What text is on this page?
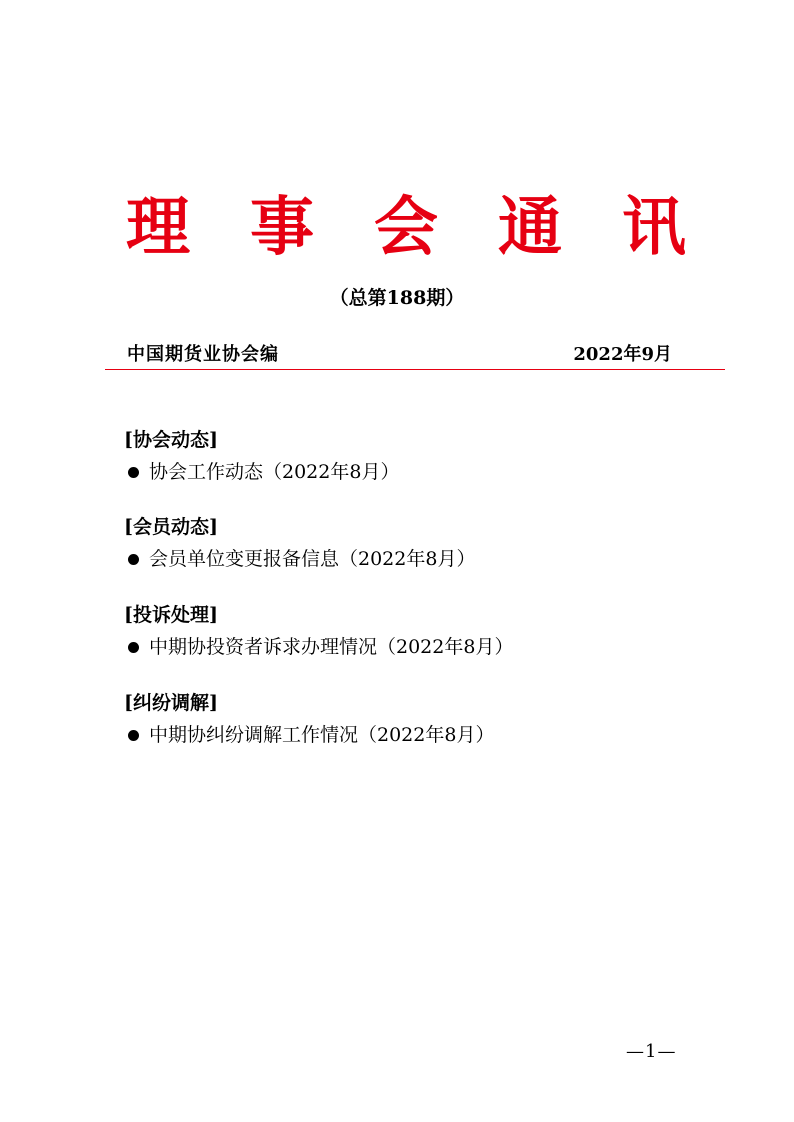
理 事 会 通 讯
（总第188期）
中国期货业协会编	2022年9月
[协会动态]
协会工作动态（2022年8月）
[会员动态]
会员单位变更报备信息（2022年8月）
[投诉处理]
中期协投资者诉求办理情况（2022年8月）
[纠纷调解]
中期协纠纷调解工作情况（2022年8月）
—1—
